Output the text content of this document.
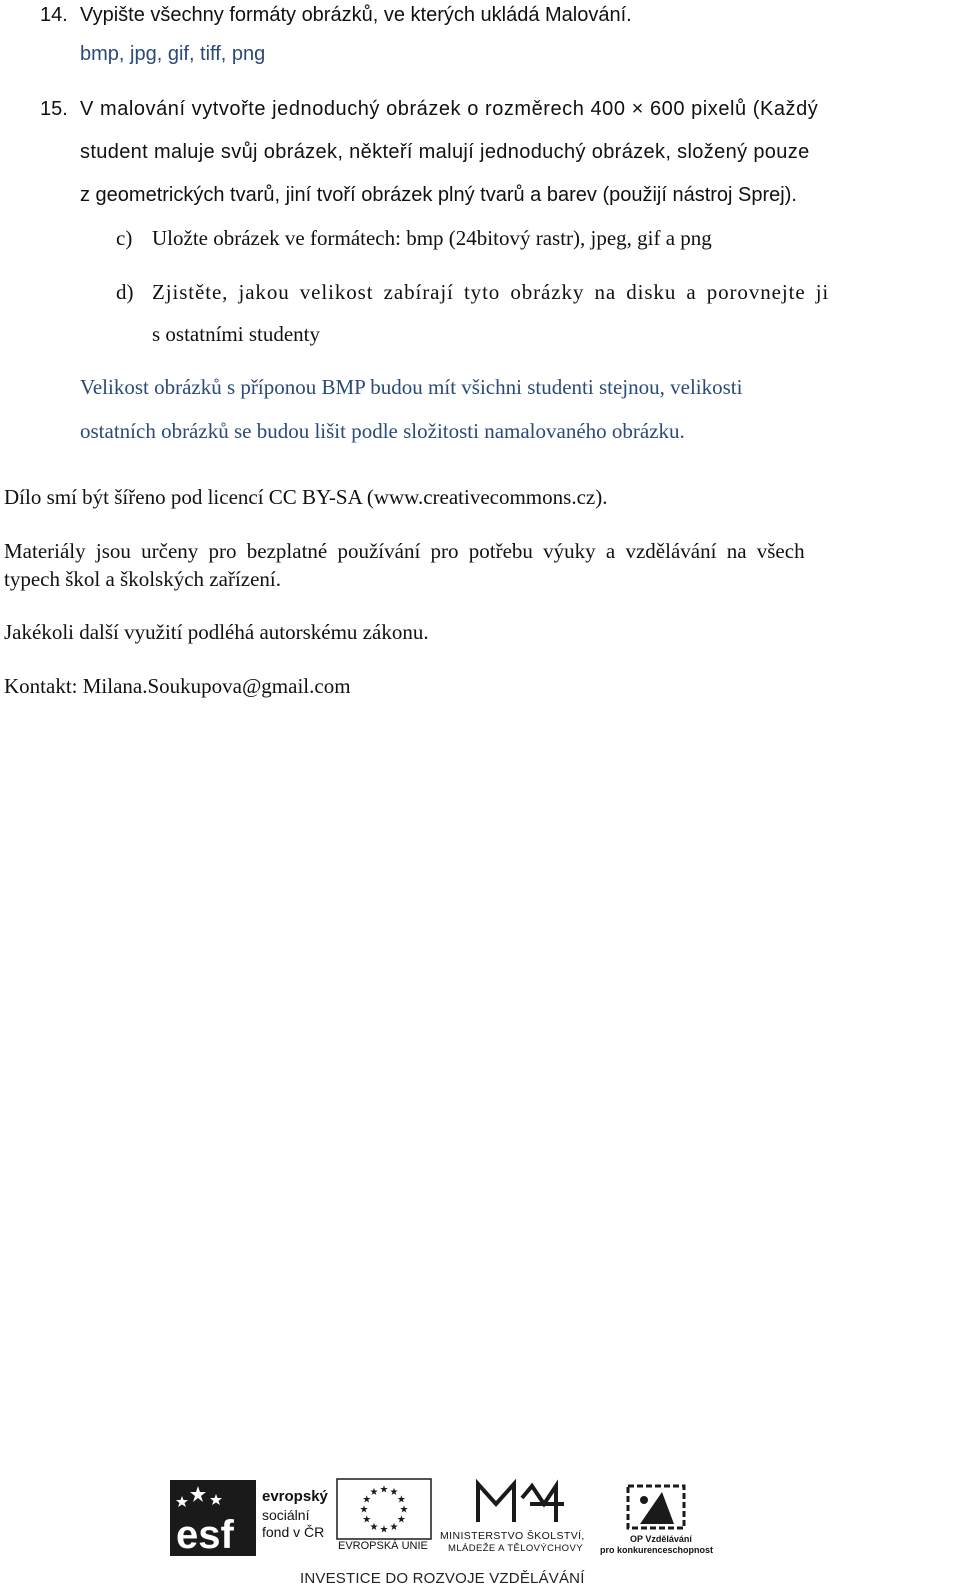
14. Vypište všechny formáty obrázků, ve kterých ukládá Malování.
bmp, jpg, gif, tiff, png
15. V malování vytvořte jednoduchý obrázek o rozměrech 400 × 600 pixelů (Každý
student maluje svůj obrázek, někteří malují jednoduchý obrázek, složený pouze
z geometrických tvarů, jiní tvoří obrázek plný tvarů a barev (použijí nástroj Sprej).
c) Uložte obrázek ve formátech: bmp (24bitový rastr), jpeg, gif a png
d) Zjistěte, jakou velikost zabírají tyto obrázky na disku a porovnejte ji
s ostatními studenty
Velikost obrázků s příponou BMP budou mít všichni studenti stejnou, velikosti
ostatních obrázků se budou lišit podle složitosti namalovaného obrázku.
Dílo smí být šířeno pod licencí CC BY-SA (www.creativecommons.cz).
Materiály jsou určeny pro bezplatné používání pro potřebu výuky a vzdělávání na všech
typech škol a školských zařízení.
Jakékoli další využití podléhá autorskému zákonu.
Kontakt: Milana.Soukupova@gmail.com
esf
evropský
sociální
fond v ČR
★
★
★
★
★
★
★
★
★ ★ ★
★
EVROPSKÁ UNIE
MINISTERSTVO ŠKOLSTVÍ,
MLÁDEŽE A TĚLOVÝCHOVY
OP Vzdělávání
pro konkurenceschopnost
INVESTICE DO ROZVOJE VZDĚLÁVÁNÍ
